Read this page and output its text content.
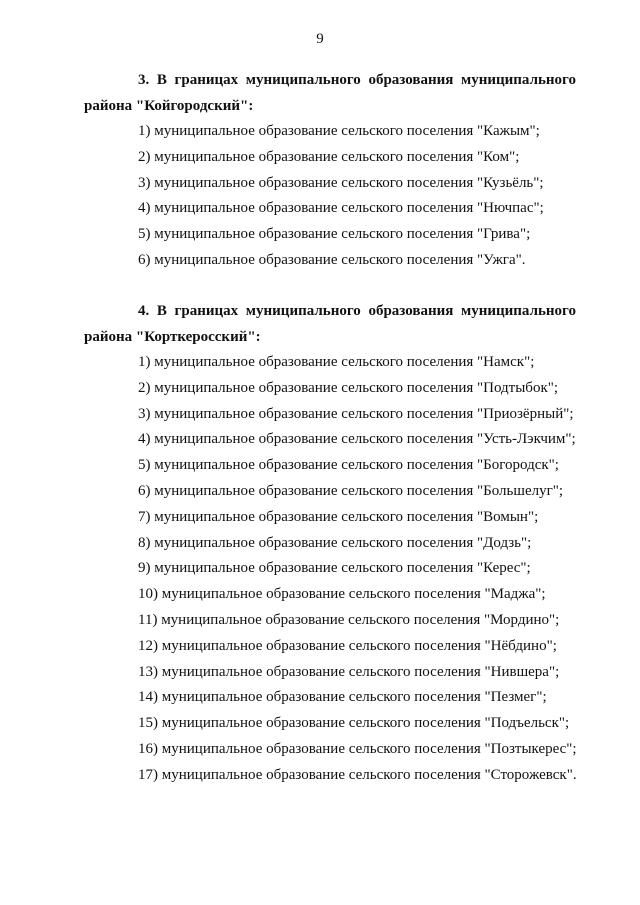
9
3. В границах муниципального образования муниципального района "Койгородский":
1) муниципальное образование сельского поселения "Кажым";
2) муниципальное образование сельского поселения "Ком";
3) муниципальное образование сельского поселения "Кузьёль";
4) муниципальное образование сельского поселения "Нючпас";
5) муниципальное образование сельского поселения "Грива";
6) муниципальное образование сельского поселения "Ужга".
4. В границах муниципального образования муниципального района "Корткеросский":
1) муниципальное образование сельского поселения "Намск";
2) муниципальное образование сельского поселения "Подтыбок";
3) муниципальное образование сельского поселения "Приозёрный";
4) муниципальное образование сельского поселения "Усть-Лэкчим";
5) муниципальное образование сельского поселения "Богородск";
6) муниципальное образование сельского поселения "Большелуг";
7) муниципальное образование сельского поселения "Вомын";
8) муниципальное образование сельского поселения "Додзь";
9) муниципальное образование сельского поселения "Керес";
10) муниципальное образование сельского поселения "Маджа";
11) муниципальное образование сельского поселения "Мордино";
12) муниципальное образование сельского поселения "Нёбдино";
13) муниципальное образование сельского поселения "Нившера";
14) муниципальное образование сельского поселения "Пезмег";
15) муниципальное образование сельского поселения "Подъельск";
16) муниципальное образование сельского поселения "Позтыкерес";
17) муниципальное образование сельского поселения "Сторожевск".
